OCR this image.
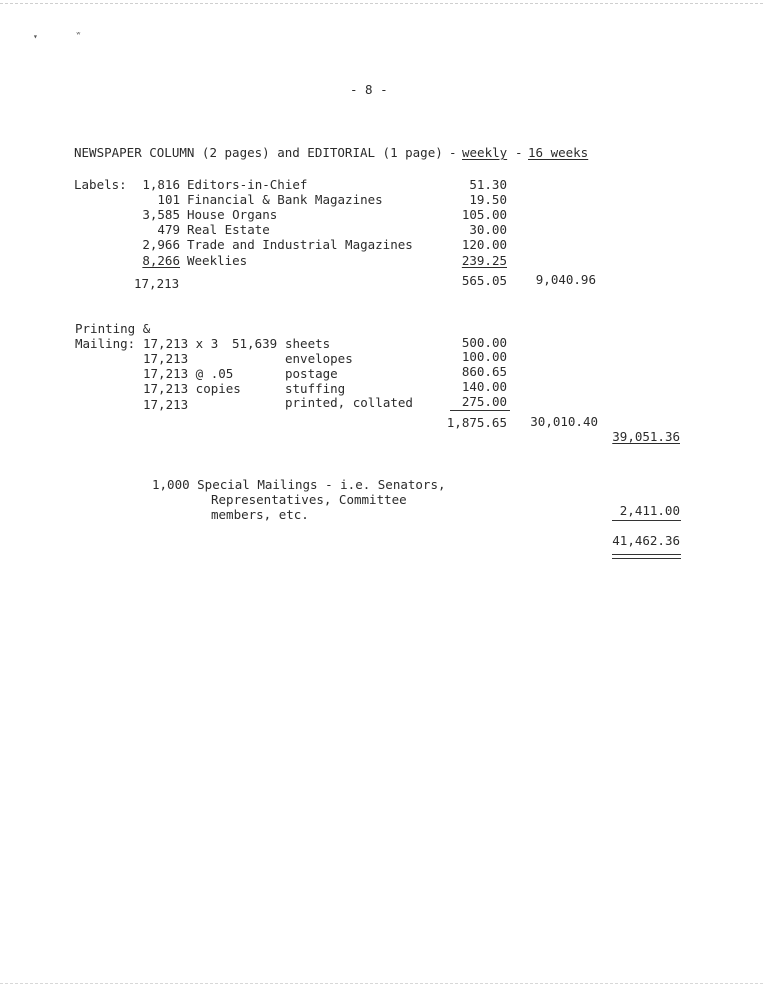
▾	ʷ
- 8 -
NEWSPAPER COLUMN (2 pages) and EDITORIAL (1 page) - weekly - 16 weeks
Labels:	1,816 Editors-in-Chief	51.30
101 Financial & Bank Magazines	19.50
3,585 House Organs	105.00
479 Real Estate	30.00
2,966 Trade and Industrial Magazines	120.00
8,266 Weeklies	239.25
17,213	565.05	9,040.96
Printing &
Mailing: 17,213 x 3 51,639 sheets	500.00
17,213	envelopes	100.00
17,213 @ .05	postage	860.65
17,213 copies	stuffing	140.00
17,213	printed, collated	275.00
1,875.65	30,010.40
39,051.36
1,000 Special Mailings - i.e. Senators,
Representatives, Committee
members, etc.	2,411.00
41,462.36
